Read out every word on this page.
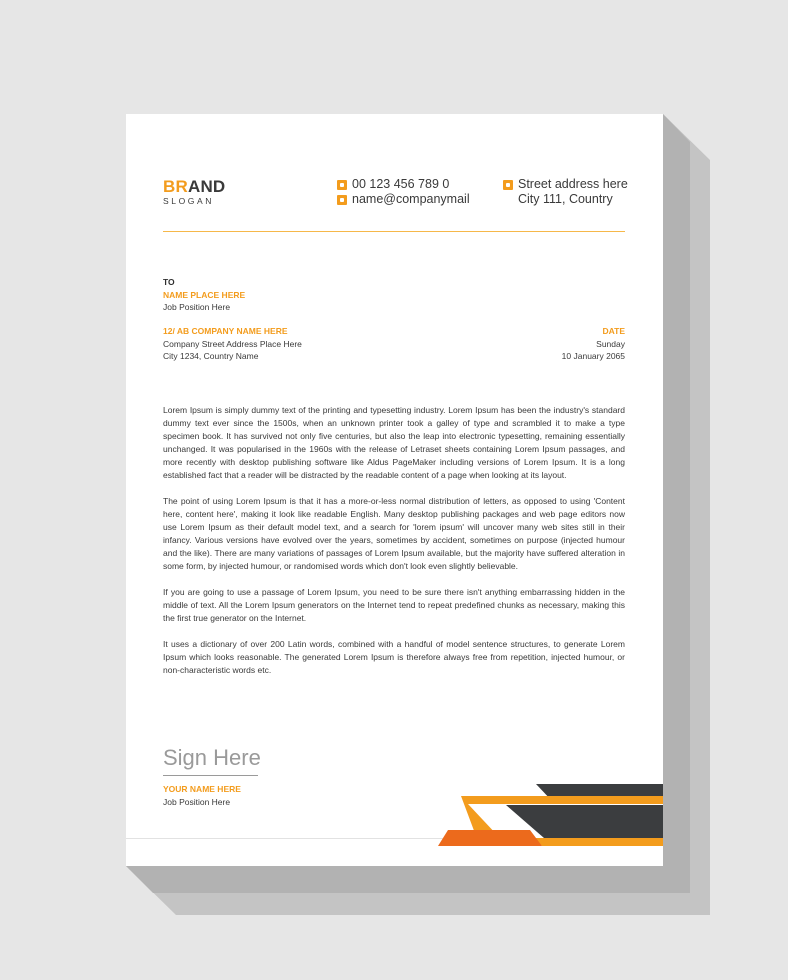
BRAND
SLOGAN
00 123 456 789 0
name@companymail
Street address here
City 111, Country
TO
NAME PLACE HERE
Job Position Here
12/ AB COMPANY NAME HERE
Company Street Address Place Here
City 1234, Country Name
DATE
Sunday
10 January 2065

Lorem Ipsum is simply dummy text of the printing and typesetting industry. Lorem Ipsum has been the industry's standard dummy text ever since the 1500s, when an unknown printer took a galley of type and scrambled it to make a type specimen book. It has survived not only five centuries, but also the leap into electronic typesetting, remaining essentially unchanged. It was popularised in the 1960s with the release of Letraset sheets containing Lorem Ipsum passages, and more recently with desktop publishing software like Aldus PageMaker including versions of Lorem Ipsum. It is a long established fact that a reader will be distracted by the readable content of a page when looking at its layout.

The point of using Lorem Ipsum is that it has a more-or-less normal distribution of letters, as opposed to using 'Content here, content here', making it look like readable English. Many desktop publishing packages and web page editors now use Lorem Ipsum as their default model text, and a search for 'lorem ipsum' will uncover many web sites still in their infancy. Various versions have evolved over the years, sometimes by accident, sometimes on purpose (injected humour and the like). There are many variations of passages of Lorem Ipsum available, but the majority have suffered alteration in some form, by injected humour, or randomised words which don't look even slightly believable.

If you are going to use a passage of Lorem Ipsum, you need to be sure there isn't anything embarrassing hidden in the middle of text. All the Lorem Ipsum generators on the Internet tend to repeat predefined chunks as necessary, making this the first true generator on the Internet.

It uses a dictionary of over 200 Latin words, combined with a handful of model sentence structures, to generate Lorem Ipsum which looks reasonable. The generated Lorem Ipsum is therefore always free from repetition, injected humour, or non-characteristic words etc.

Sign Here
YOUR NAME HERE
Job Position Here
